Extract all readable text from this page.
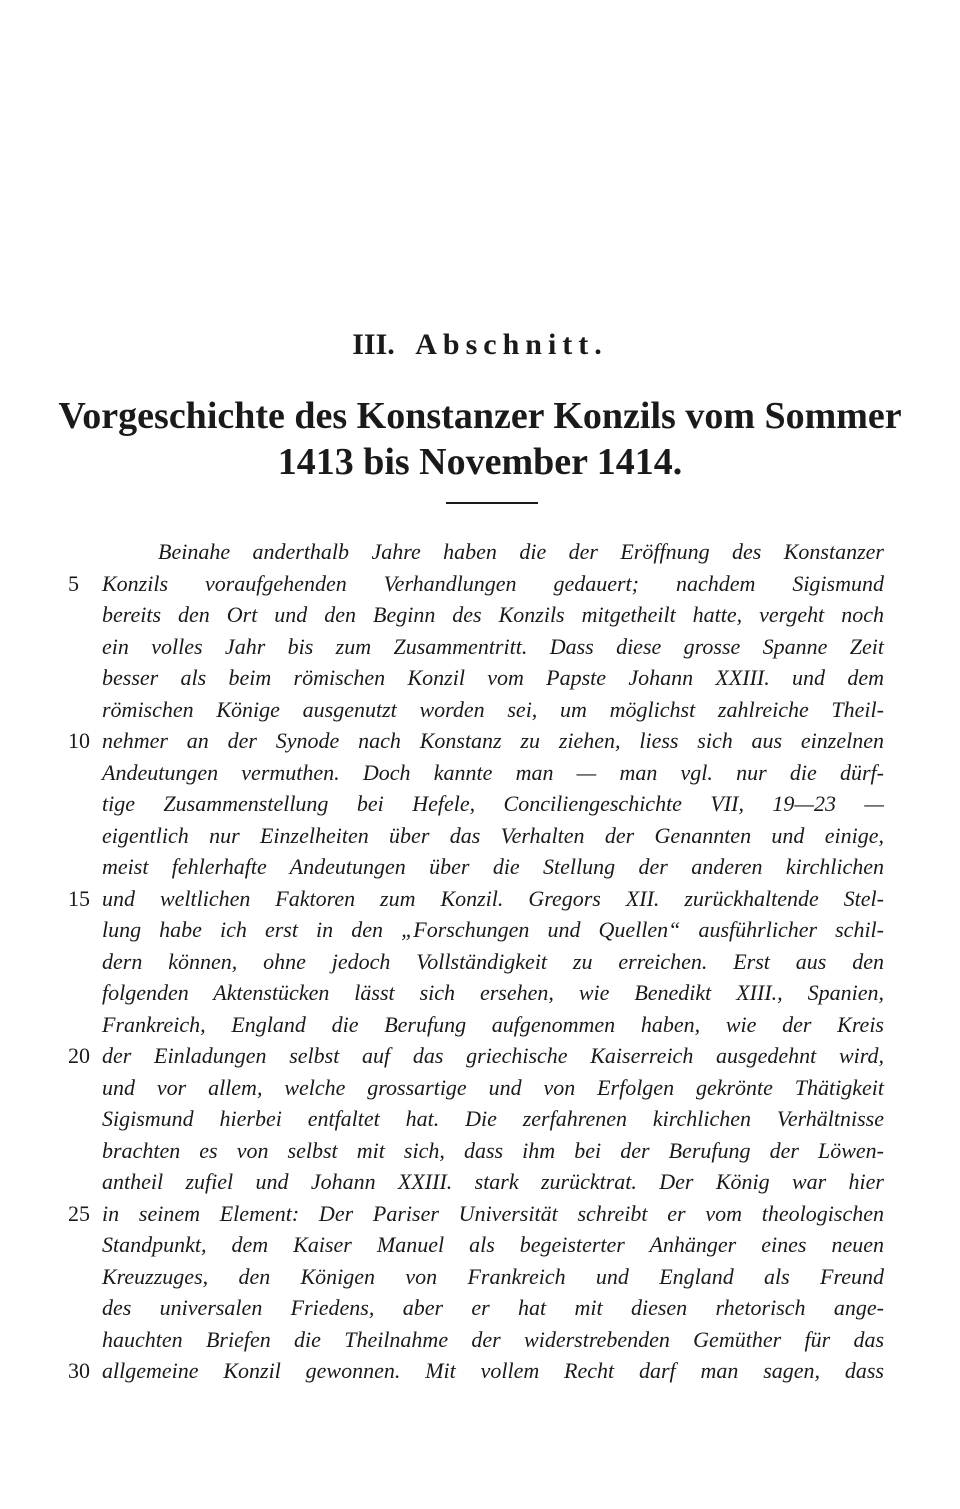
III. Abschnitt.
Vorgeschichte des Konstanzer Konzils vom Sommer
1413 bis November 1414.
Beinahe anderthalb Jahre haben die der Eröffnung des Konstanzer
5	Konzils voraufgehenden Verhandlungen gedauert; nachdem Sigismund
bereits den Ort und den Beginn des Konzils mitgetheilt hatte, vergeht noch
ein volles Jahr bis zum Zusammentritt. Dass diese grosse Spanne Zeit
besser als beim römischen Konzil vom Papste Johann XXIII. und dem
römischen Könige ausgenutzt worden sei, um möglichst zahlreiche Theil-
10 nehmer an der Synode nach Konstanz zu ziehen, liess sich aus einzelnen
Andeutungen vermuthen. Doch kannte man — man vgl. nur die dürf-
tige Zusammenstellung bei Hefele, Conciliengeschichte VII, 19—23 —
eigentlich nur Einzelheiten über das Verhalten der Genannten und einige,
meist fehlerhafte Andeutungen über die Stellung der anderen kirchlichen
15 und weltlichen Faktoren zum Konzil. Gregors XII. zurückhaltende Stel-
lung habe ich erst in den „Forschungen und Quellen“ ausführlicher schil-
dern können, ohne jedoch Vollständigkeit zu erreichen. Erst aus den
folgenden Aktenstücken lässt sich ersehen, wie Benedikt XIII., Spanien,
Frankreich, England die Berufung aufgenommen haben, wie der Kreis
20 der Einladungen selbst auf das griechische Kaiserreich ausgedehnt wird,
und vor allem, welche grossartige und von Erfolgen gekrönte Thätigkeit
Sigismund hierbei entfaltet hat. Die zerfahrenen kirchlichen Verhältnisse
brachten es von selbst mit sich, dass ihm bei der Berufung der Löwen-
antheil zufiel und Johann XXIII. stark zurücktrat. Der König war hier
25 in seinem Element: Der Pariser Universität schreibt er vom theologischen
Standpunkt, dem Kaiser Manuel als begeisterter Anhänger eines neuen
Kreuzzuges, den Königen von Frankreich und England als Freund
des universalen Friedens, aber er hat mit diesen rhetorisch ange-
hauchten Briefen die Theilnahme der widerstrebenden Gemüther für das
30 allgemeine Konzil gewonnen. Mit vollem Recht darf man sagen, dass
